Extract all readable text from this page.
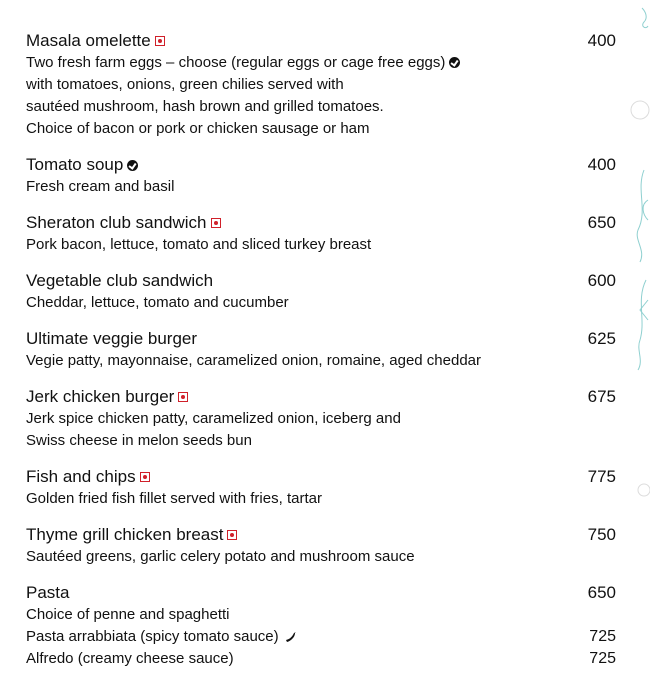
Masala omelette	400
Two fresh farm eggs – choose (regular eggs or cage free eggs)
with tomatoes, onions, green chilies served with
sautéed mushroom, hash brown and grilled tomatoes.
Choice of bacon or pork or chicken sausage or ham
Tomato soup	400
Fresh cream and basil
Sheraton club sandwich	650
Pork bacon, lettuce, tomato and sliced turkey breast
Vegetable club sandwich	600
Cheddar, lettuce, tomato and cucumber
Ultimate veggie burger	625
Vegie patty, mayonnaise, caramelized onion, romaine, aged cheddar
Jerk chicken burger	675
Jerk spice chicken patty, caramelized onion, iceberg and
Swiss cheese in melon seeds bun
Fish and chips	775
Golden fried fish fillet served with fries, tartar
Thyme grill chicken breast	750
Sautéed greens, garlic celery potato and mushroom sauce
Pasta	650
Choice of penne and spaghetti
Pasta arrabbiata (spicy tomato sauce)	725
Alfredo (creamy cheese sauce)	725
